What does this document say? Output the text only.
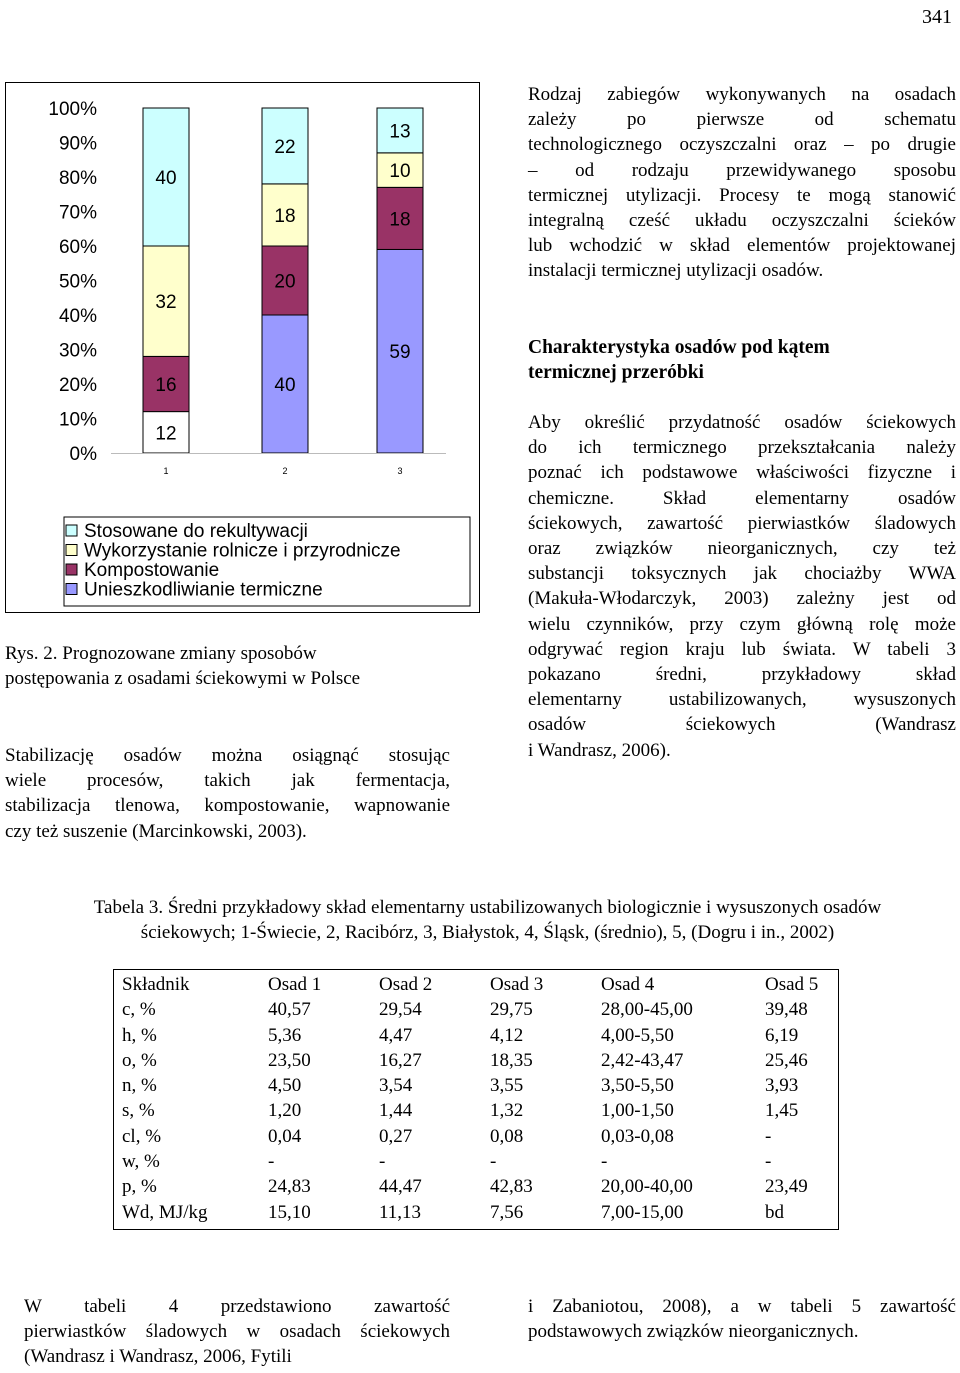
341
100%
90%
80%
70%
60%
50%
40%
30%
20%
10%
0%
12
16
32
40
1
40
20
18
22
2
59
18
10
13
3
Stosowane do rekultywacji
Wykorzystanie rolnicze i przyrodnicze
Kompostowanie
Unieszkodliwianie termiczne
Rys. 2. Prognozowane zmiany sposobów
postępowania z osadami ściekowymi w Polsce
Stabilizację osadów można osiągnąć stosując
wiele procesów, takich jak fermentacja,
stabilizacja tlenowa, kompostowanie, wapnowanie
czy też suszenie (Marcinkowski, 2003).
Rodzaj zabiegów wykonywanych na osadach
zależy po pierwsze od schematu
technologicznego oczyszczalni oraz – po drugie
– od rodzaju przewidywanego sposobu
termicznej utylizacji. Procesy te mogą stanowić
integralną cześć układu oczyszczalni ścieków
lub wchodzić w skład elementów projektowanej
instalacji termicznej utylizacji osadów.
Charakterystyka osadów pod kątem
termicznej przeróbki
Aby określić przydatność osadów ściekowych
do ich termicznego przekształcania należy
poznać ich podstawowe właściwości fizyczne i
chemiczne. Skład elementarny osadów
ściekowych, zawartość pierwiastków śladowych
oraz związków nieorganicznych, czy też
substancji toksycznych jak chociażby WWA
(Makuła-Włodarczyk, 2003) zależny jest od
wielu czynników, przy czym główną rolę może
odgrywać region kraju lub świata. W tabeli 3
pokazano średni, przykładowy skład
elementarny ustabilizowanych, wysuszonych
osadów ściekowych (Wandrasz
i Wandrasz, 2006).
Tabela 3. Średni przykładowy skład elementarny ustabilizowanych biologicznie i wysuszonych osadów
ściekowych; 1-Świecie, 2, Racibórz, 3, Białystok, 4, Śląsk, (średnio), 5, (Dogru i in., 2002)
Składnik	Osad 1	Osad 2	Osad 3	Osad 4	Osad 5
c, %	40,57	29,54	29,75	28,00-45,00	39,48
h, %	5,36	4,47	4,12	4,00-5,50	6,19
o, %	23,50	16,27	18,35	2,42-43,47	25,46
n, %	4,50	3,54	3,55	3,50-5,50	3,93
s, %	1,20	1,44	1,32	1,00-1,50	1,45
cl, %	0,04	0,27	0,08	0,03-0,08	-
w, %	-	-	-	-	-
p, %	24,83	44,47	42,83	20,00-40,00	23,49
Wd, MJ/kg	15,10	11,13	7,56	7,00-15,00	bd
W tabeli 4 przedstawiono zawartość
pierwiastków śladowych w osadach ściekowych
(Wandrasz i Wandrasz, 2006, Fytili
i Zabaniotou, 2008), a w tabeli 5 zawartość
podstawowych związków nieorganicznych.
